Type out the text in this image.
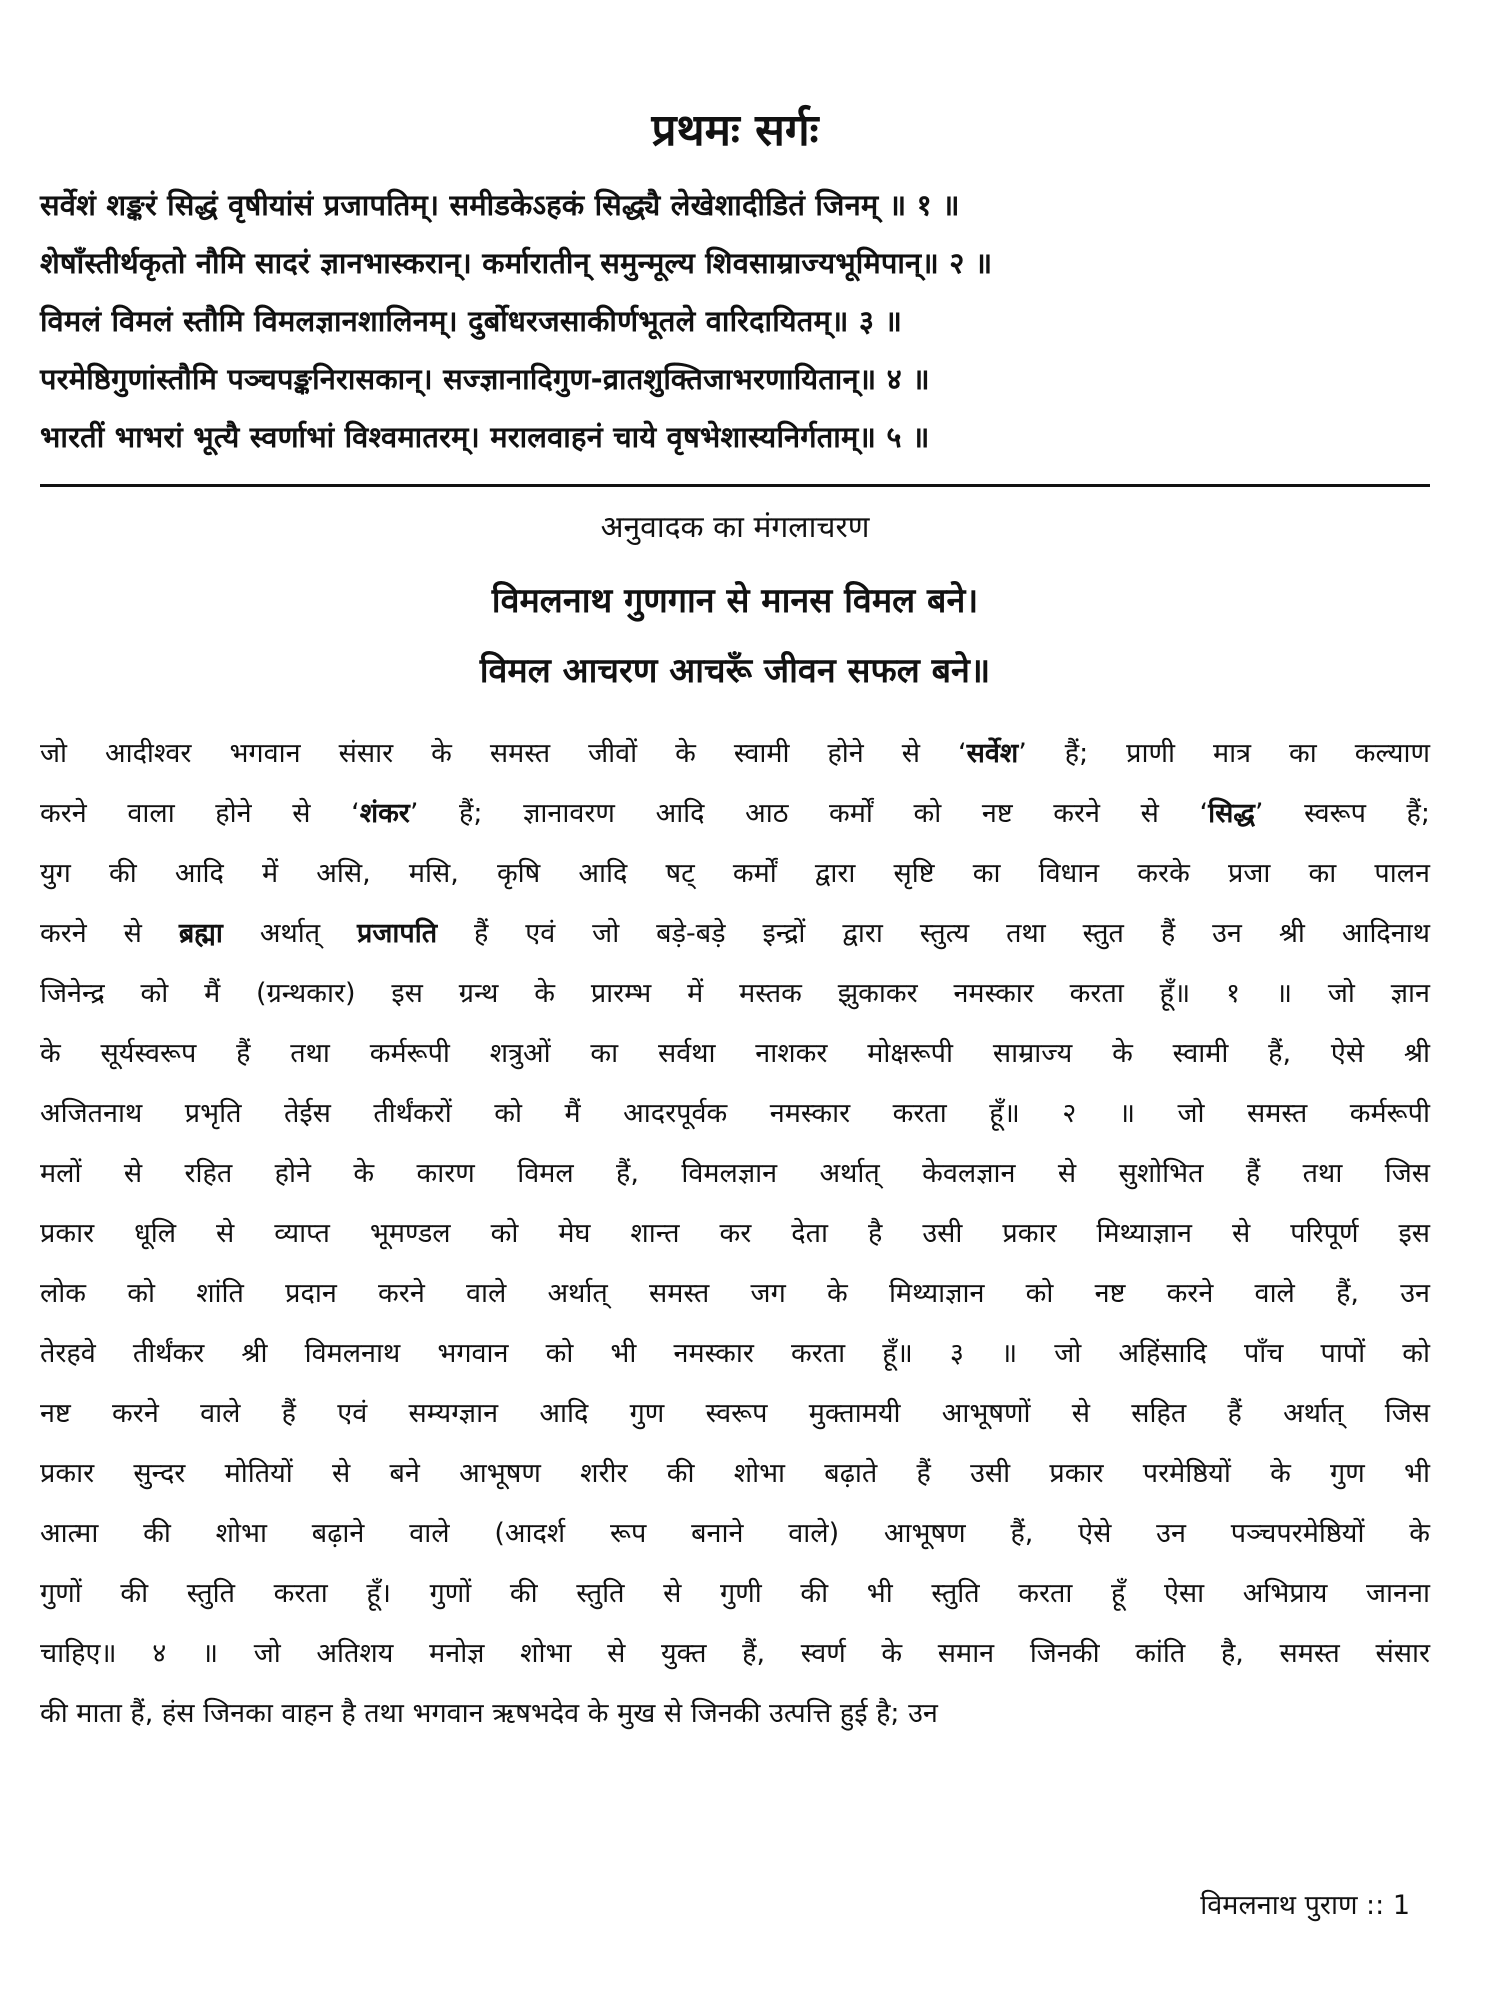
प्रथमः सर्गः
सर्वेशं शङ्करं सिद्धं वृषीयांसं प्रजापतिम्। समीडकेऽहकं सिद्ध्यै लेखेशादीडितं जिनम् ॥ १ ॥
शेषाँस्तीर्थकृतो नौमि सादरं ज्ञानभास्करान्। कर्मारातीन् समुन्मूल्य शिवसाम्राज्यभूमिपान्॥ २ ॥
विमलं विमलं स्तौमि विमलज्ञानशालिनम्। दुर्बोधरजसाकीर्णभूतले वारिदायितम्॥ ३ ॥
परमेष्ठिगुणांस्तौमि पञ्चपङ्कनिरासकान्। सज्ज्ञानादिगुण-व्रातशुक्तिजाभरणायितान्॥ ४ ॥
भारतीं भाभरां भूत्यै स्वर्णाभां विश्वमातरम्। मरालवाहनं चाये वृषभेशास्यनिर्गताम्॥ ५ ॥
अनुवादक का मंगलाचरण
विमलनाथ गुणगान से मानस विमल बने।
विमल आचरण आचरूँ जीवन सफल बने॥
जो आदीश्वर भगवान संसार के समस्त जीवों के स्वामी होने से ‘सर्वेश’ हैं; प्राणी मात्र का कल्याण
करने वाला होने से ‘शंकर’ हैं; ज्ञानावरण आदि आठ कर्मों को नष्ट करने से ‘सिद्ध’ स्वरूप हैं;
युग की आदि में असि, मसि, कृषि आदि षट् कर्मों द्वारा सृष्टि का विधान करके प्रजा का पालन
करने से ब्रह्मा अर्थात् प्रजापति हैं एवं जो बड़े-बड़े इन्द्रों द्वारा स्तुत्य तथा स्तुत हैं उन श्री आदिनाथ
जिनेन्द्र को मैं (ग्रन्थकार) इस ग्रन्थ के प्रारम्भ में मस्तक झुकाकर नमस्कार करता हूँ॥ १ ॥ जो ज्ञान
के सूर्यस्वरूप हैं तथा कर्मरूपी शत्रुओं का सर्वथा नाशकर मोक्षरूपी साम्राज्य के स्वामी हैं, ऐसे श्री
अजितनाथ प्रभृति तेईस तीर्थंकरों को मैं आदरपूर्वक नमस्कार करता हूँ॥ २ ॥ जो समस्त कर्मरूपी
मलों से रहित होने के कारण विमल हैं, विमलज्ञान अर्थात् केवलज्ञान से सुशोभित हैं तथा जिस
प्रकार धूलि से व्याप्त भूमण्डल को मेघ शान्त कर देता है उसी प्रकार मिथ्याज्ञान से परिपूर्ण इस
लोक को शांति प्रदान करने वाले अर्थात् समस्त जग के मिथ्याज्ञान को नष्ट करने वाले हैं, उन
तेरहवे तीर्थंकर श्री विमलनाथ भगवान को भी नमस्कार करता हूँ॥ ३ ॥ जो अहिंसादि पाँच पापों को
नष्ट करने वाले हैं एवं सम्यग्ज्ञान आदि गुण स्वरूप मुक्तामयी आभूषणों से सहित हैं अर्थात् जिस
प्रकार सुन्दर मोतियों से बने आभूषण शरीर की शोभा बढ़ाते हैं उसी प्रकार परमेष्ठियों के गुण भी
आत्मा की शोभा बढ़ाने वाले (आदर्श रूप बनाने वाले) आभूषण हैं, ऐसे उन पञ्चपरमेष्ठियों के
गुणों की स्तुति करता हूँ। गुणों की स्तुति से गुणी की भी स्तुति करता हूँ ऐसा अभिप्राय जानना
चाहिए॥ ४ ॥ जो अतिशय मनोज्ञ शोभा से युक्त हैं, स्वर्ण के समान जिनकी कांति है, समस्त संसार
की माता हैं, हंस जिनका वाहन है तथा भगवान ऋषभदेव के मुख से जिनकी उत्पत्ति हुई है; उन
विमलनाथ पुराण :: 1
